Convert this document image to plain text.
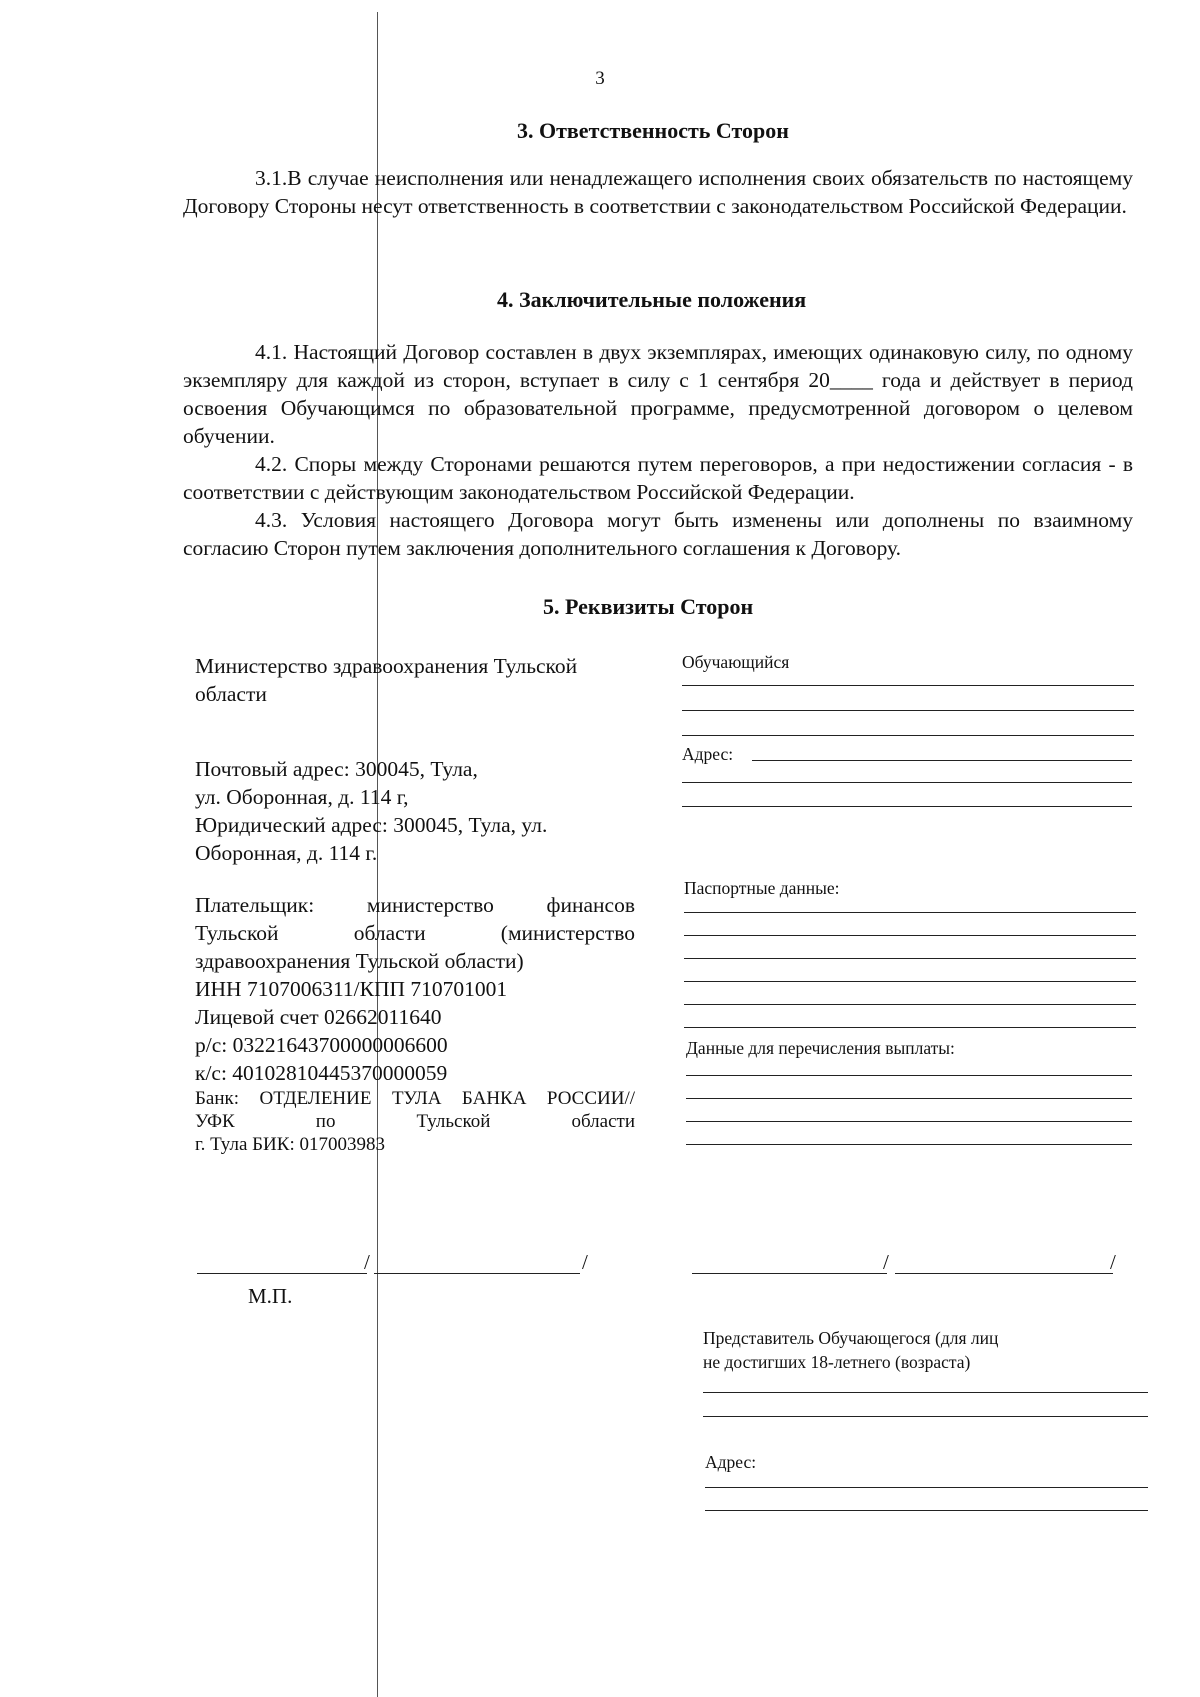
3
3. Ответственность Сторон

3.1.В случае неисполнения или ненадлежащего исполнения своих обязательств по настоящему Договору Стороны несут ответственность в соответствии с законодательством Российской Федерации.

4. Заключительные положения

4.1. Настоящий Договор составлен в двух экземплярах, имеющих одинаковую силу, по одному экземпляру для каждой из сторон, вступает в силу с 1 сентября 20____ года и действует в период освоения Обучающимся по образовательной программе, предусмотренной договором о целевом обучении.

4.2. Споры между Сторонами решаются путем переговоров, а при недостижении согласия - в соответствии с действующим законодательством Российской Федерации.

4.3. Условия настоящего Договора могут быть изменены или дополнены по взаимному согласию Сторон путем заключения дополнительного соглашения к Договору.

5. Реквизиты Сторон
Министерство здравоохранения Тульской
области
Почтовый адрес: 300045, Тула,
ул. Оборонная, д. 114 г,
Юридический адрес: 300045, Тула, ул.
Оборонная, д. 114 г.
Плательщик: министерство финансов
Тульской области (министерство
здравоохранения Тульской области)
ИНН 7107006311/КПП 710701001
Лицевой счет 02662011640
р/с: 03221643700000006600
к/с: 40102810445370000059
Банк: ОТДЕЛЕНИЕ ТУЛА БАНКА РОССИИ//
УФК по Тульской области
г. Тула БИК: 017003983
/	/
М.П.
Обучающийся
Адрес:
Паспортные данные:
Данные для перечисления выплаты:
/	/
Представитель Обучающегося (для лиц
не достигших 18-летнего (возраста)
Адрес:
